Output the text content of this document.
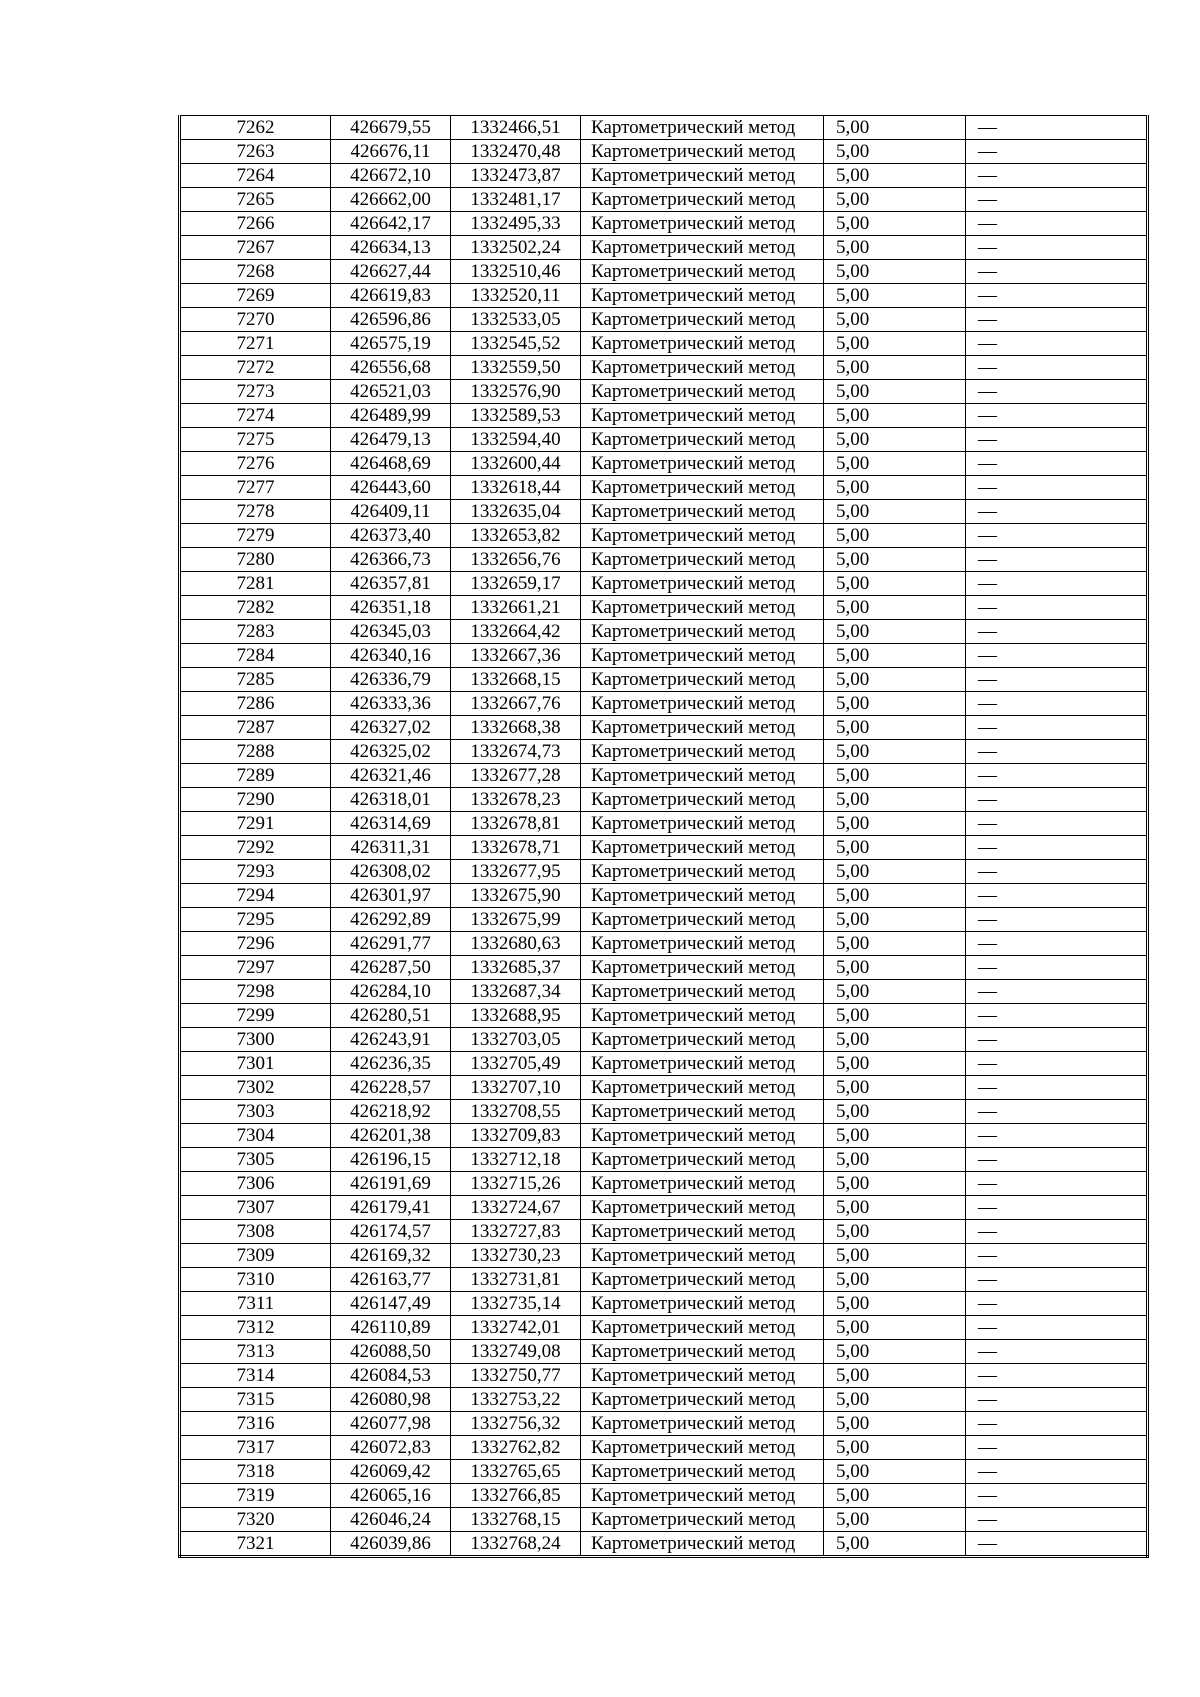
7262	426679,55	1332466,51	Картометрический метод	5,00	—
7263	426676,11	1332470,48	Картометрический метод	5,00	—
7264	426672,10	1332473,87	Картометрический метод	5,00	—
7265	426662,00	1332481,17	Картометрический метод	5,00	—
7266	426642,17	1332495,33	Картометрический метод	5,00	—
7267	426634,13	1332502,24	Картометрический метод	5,00	—
7268	426627,44	1332510,46	Картометрический метод	5,00	—
7269	426619,83	1332520,11	Картометрический метод	5,00	—
7270	426596,86	1332533,05	Картометрический метод	5,00	—
7271	426575,19	1332545,52	Картометрический метод	5,00	—
7272	426556,68	1332559,50	Картометрический метод	5,00	—
7273	426521,03	1332576,90	Картометрический метод	5,00	—
7274	426489,99	1332589,53	Картометрический метод	5,00	—
7275	426479,13	1332594,40	Картометрический метод	5,00	—
7276	426468,69	1332600,44	Картометрический метод	5,00	—
7277	426443,60	1332618,44	Картометрический метод	5,00	—
7278	426409,11	1332635,04	Картометрический метод	5,00	—
7279	426373,40	1332653,82	Картометрический метод	5,00	—
7280	426366,73	1332656,76	Картометрический метод	5,00	—
7281	426357,81	1332659,17	Картометрический метод	5,00	—
7282	426351,18	1332661,21	Картометрический метод	5,00	—
7283	426345,03	1332664,42	Картометрический метод	5,00	—
7284	426340,16	1332667,36	Картометрический метод	5,00	—
7285	426336,79	1332668,15	Картометрический метод	5,00	—
7286	426333,36	1332667,76	Картометрический метод	5,00	—
7287	426327,02	1332668,38	Картометрический метод	5,00	—
7288	426325,02	1332674,73	Картометрический метод	5,00	—
7289	426321,46	1332677,28	Картометрический метод	5,00	—
7290	426318,01	1332678,23	Картометрический метод	5,00	—
7291	426314,69	1332678,81	Картометрический метод	5,00	—
7292	426311,31	1332678,71	Картометрический метод	5,00	—
7293	426308,02	1332677,95	Картометрический метод	5,00	—
7294	426301,97	1332675,90	Картометрический метод	5,00	—
7295	426292,89	1332675,99	Картометрический метод	5,00	—
7296	426291,77	1332680,63	Картометрический метод	5,00	—
7297	426287,50	1332685,37	Картометрический метод	5,00	—
7298	426284,10	1332687,34	Картометрический метод	5,00	—
7299	426280,51	1332688,95	Картометрический метод	5,00	—
7300	426243,91	1332703,05	Картометрический метод	5,00	—
7301	426236,35	1332705,49	Картометрический метод	5,00	—
7302	426228,57	1332707,10	Картометрический метод	5,00	—
7303	426218,92	1332708,55	Картометрический метод	5,00	—
7304	426201,38	1332709,83	Картометрический метод	5,00	—
7305	426196,15	1332712,18	Картометрический метод	5,00	—
7306	426191,69	1332715,26	Картометрический метод	5,00	—
7307	426179,41	1332724,67	Картометрический метод	5,00	—
7308	426174,57	1332727,83	Картометрический метод	5,00	—
7309	426169,32	1332730,23	Картометрический метод	5,00	—
7310	426163,77	1332731,81	Картометрический метод	5,00	—
7311	426147,49	1332735,14	Картометрический метод	5,00	—
7312	426110,89	1332742,01	Картометрический метод	5,00	—
7313	426088,50	1332749,08	Картометрический метод	5,00	—
7314	426084,53	1332750,77	Картометрический метод	5,00	—
7315	426080,98	1332753,22	Картометрический метод	5,00	—
7316	426077,98	1332756,32	Картометрический метод	5,00	—
7317	426072,83	1332762,82	Картометрический метод	5,00	—
7318	426069,42	1332765,65	Картометрический метод	5,00	—
7319	426065,16	1332766,85	Картометрический метод	5,00	—
7320	426046,24	1332768,15	Картометрический метод	5,00	—
7321	426039,86	1332768,24	Картометрический метод	5,00	—
